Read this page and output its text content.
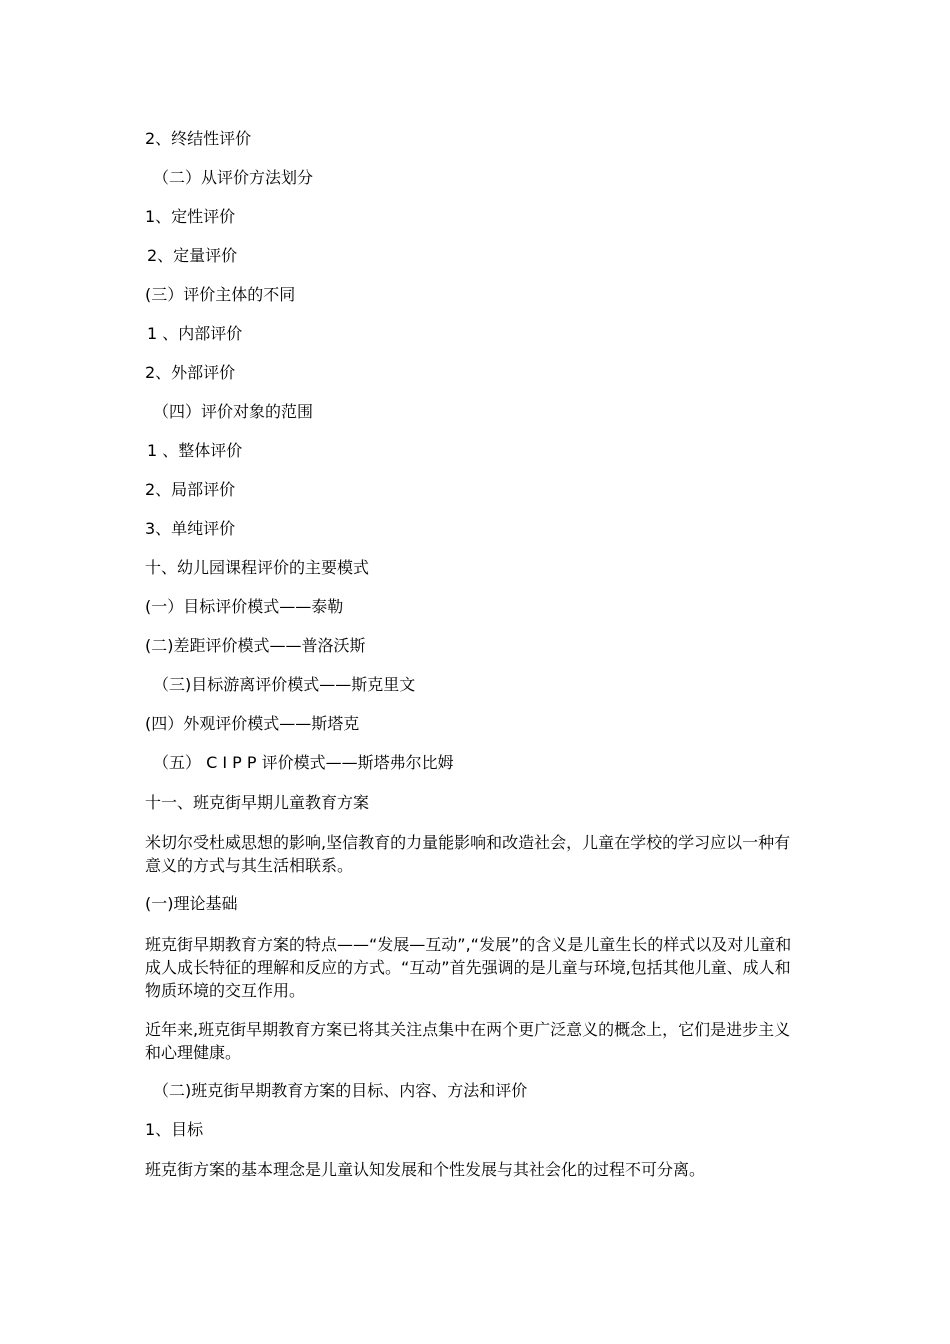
2、终结性评价
（二）从评价方法划分
1、定性评价
2、定量评价
(三）评价主体的不同
1 、内部评价
2、外部评价
（四）评价对象的范围
1 、整体评价
2、局部评价
3、单纯评价
十、幼儿园课程评价的主要模式
(一）目标评价模式——泰勒
(二)差距评价模式——普洛沃斯
（三)目标游离评价模式——斯克里文
(四）外观评价模式——斯塔克
（五） C I P P 评价模式——斯塔弗尔比姆
十一、班克街早期儿童教育方案
米切尔受杜威思想的影响,坚信教育的力量能影响和改造社会，儿童在学校的学习应以一种有意义的方式与其生活相联系。
(一)理论基础
班克街早期教育方案的特点——“发展—互动”,“发展”的含义是儿童生长的样式以及对儿童和成人成长特征的理解和反应的方式。“互动”首先强调的是儿童与环境,包括其他儿童、成人和物质环境的交互作用。
近年来,班克街早期教育方案已将其关注点集中在两个更广泛意义的概念上，它们是进步主义和心理健康。
（二)班克街早期教育方案的目标、内容、方法和评价
1、目标
班克街方案的基本理念是儿童认知发展和个性发展与其社会化的过程不可分离。
